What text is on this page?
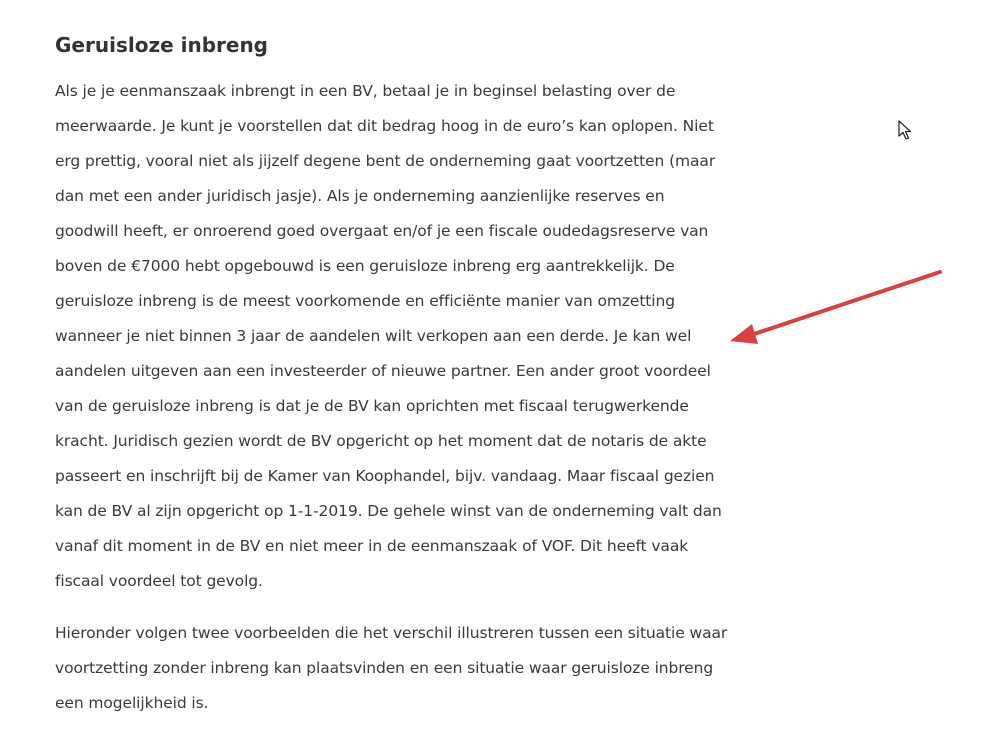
Geruisloze inbreng

Als je je eenmanszaak inbrengt in een BV, betaal je in beginsel belasting over de
meerwaarde. Je kunt je voorstellen dat dit bedrag hoog in de euro’s kan oplopen. Niet
erg prettig, vooral niet als jijzelf degene bent de onderneming gaat voortzetten (maar
dan met een ander juridisch jasje). Als je onderneming aanzienlijke reserves en
goodwill heeft, er onroerend goed overgaat en/of je een fiscale oudedagsreserve van
boven de €7000 hebt opgebouwd is een geruisloze inbreng erg aantrekkelijk. De
geruisloze inbreng is de meest voorkomende en efficiënte manier van omzetting
wanneer je niet binnen 3 jaar de aandelen wilt verkopen aan een derde. Je kan wel
aandelen uitgeven aan een investeerder of nieuwe partner. Een ander groot voordeel
van de geruisloze inbreng is dat je de BV kan oprichten met fiscaal terugwerkende
kracht. Juridisch gezien wordt de BV opgericht op het moment dat de notaris de akte
passeert en inschrijft bij de Kamer van Koophandel, bijv. vandaag. Maar fiscaal gezien
kan de BV al zijn opgericht op 1-1-2019. De gehele winst van de onderneming valt dan
vanaf dit moment in de BV en niet meer in de eenmanszaak of VOF. Dit heeft vaak
fiscaal voordeel tot gevolg.

Hieronder volgen twee voorbeelden die het verschil illustreren tussen een situatie waar
voortzetting zonder inbreng kan plaatsvinden en een situatie waar geruisloze inbreng
een mogelijkheid is.
